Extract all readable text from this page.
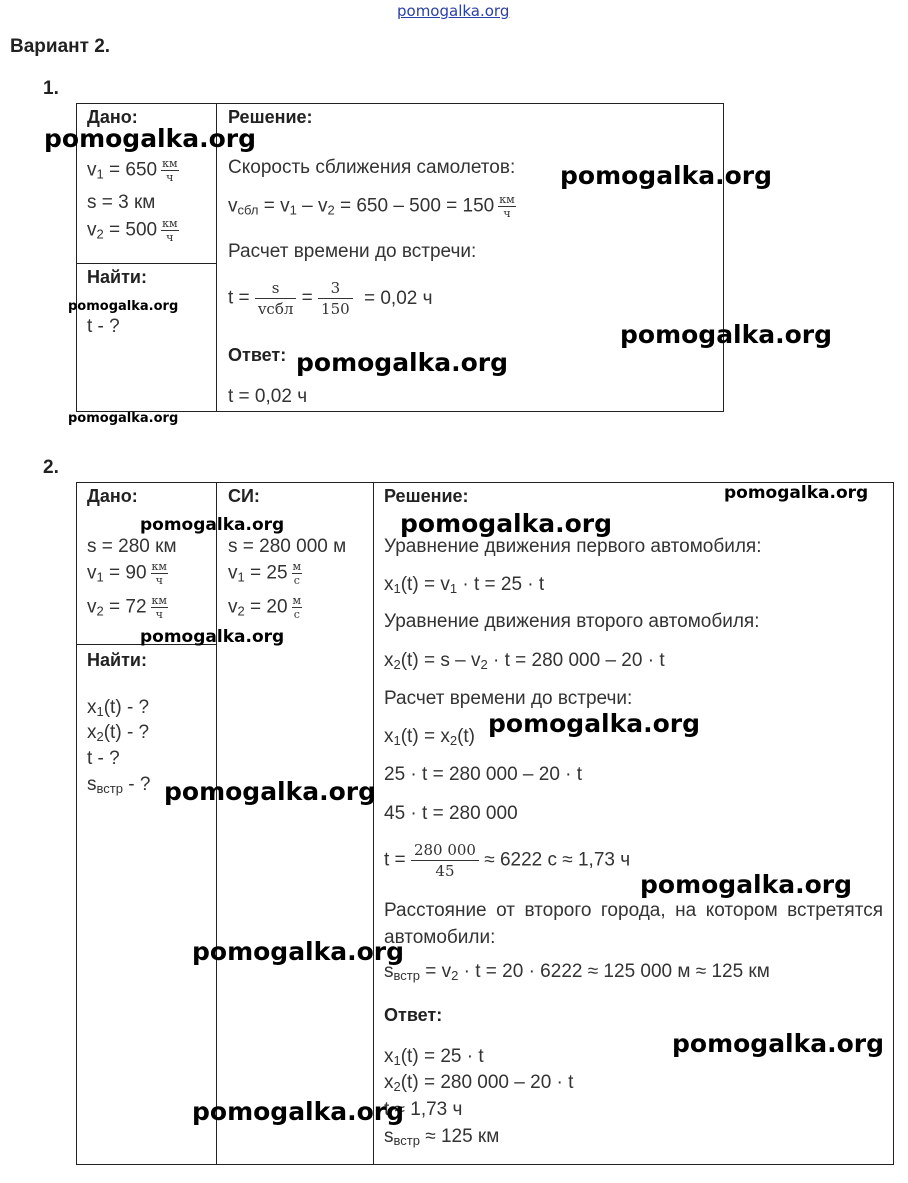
pomogalka.org
Вариант 2.
1.
Дано:
$v_1 = 650 \frac{км}{ч}$
s = 3 км
$v_2 = 500 \frac{км}{ч}$
Найти:
t - ?
Решение:
Скорость сближения самолетов:
$v_{сбл} = v_1 - v_2 = 650 - 500 = 150 \frac{км}{ч}$
Расчет времени до встречи:
t =	s
vсбл
= $\frac{3}{150} = 0,02$ ч
Ответ:
t = 0,02 ч
2.
Дано:
s = 280 км
$v_1 = 90 \frac{км}{ч}$
$v_2 = 72 \frac{км}{ч}$
СИ:
s = 280 000 м
$v_1 = 25 \frac{м}{с}$
$v_2 = 20 \frac{м}{с}$
Найти:
$x_1(t)$ - ?
$x_2(t)$ - ?
t - ?
$s_{встр}$ - ?
Решение:
Уравнение движения первого автомобиля:
$x_1(t) = v_1 \cdot t = 25 \cdot t$
Уравнение движения второго автомобиля:
$x_2(t) = s - v_2 \cdot t = 280$ 000 – 20 · t
Расчет времени до встречи:
$x_1(t) = x_2(t)$
25 · t = 280 000 – 20 · t
45 · t = 280 000
$t = \frac{280 000}{45} \approx 6222$ с ≈ 1,73 ч
Расстояние от второго города, на котором встретятся автомобили:
$s_{встр} = v_2 \cdot t = 20 \cdot 6222 \approx 125$ 000 м ≈ 125 км
Ответ:
$x_1(t) = 25 \cdot t$
$x_2(t) = 280$ 000 – 20 · t
t ≈ 1,73 ч
$s_{встр} \approx 125$ км
pomogalka.org
pomogalka.org
pomogalka.org
pomogalka.org
pomogalka.org
pomogalka.org
pomogalka.org
pomogalka.org	pomogalka.org
pomogalka.org
pomogalka.org
pomogalka.org
pomogalka.org
pomogalka.org
pomogalka.org
pomogalka.org
